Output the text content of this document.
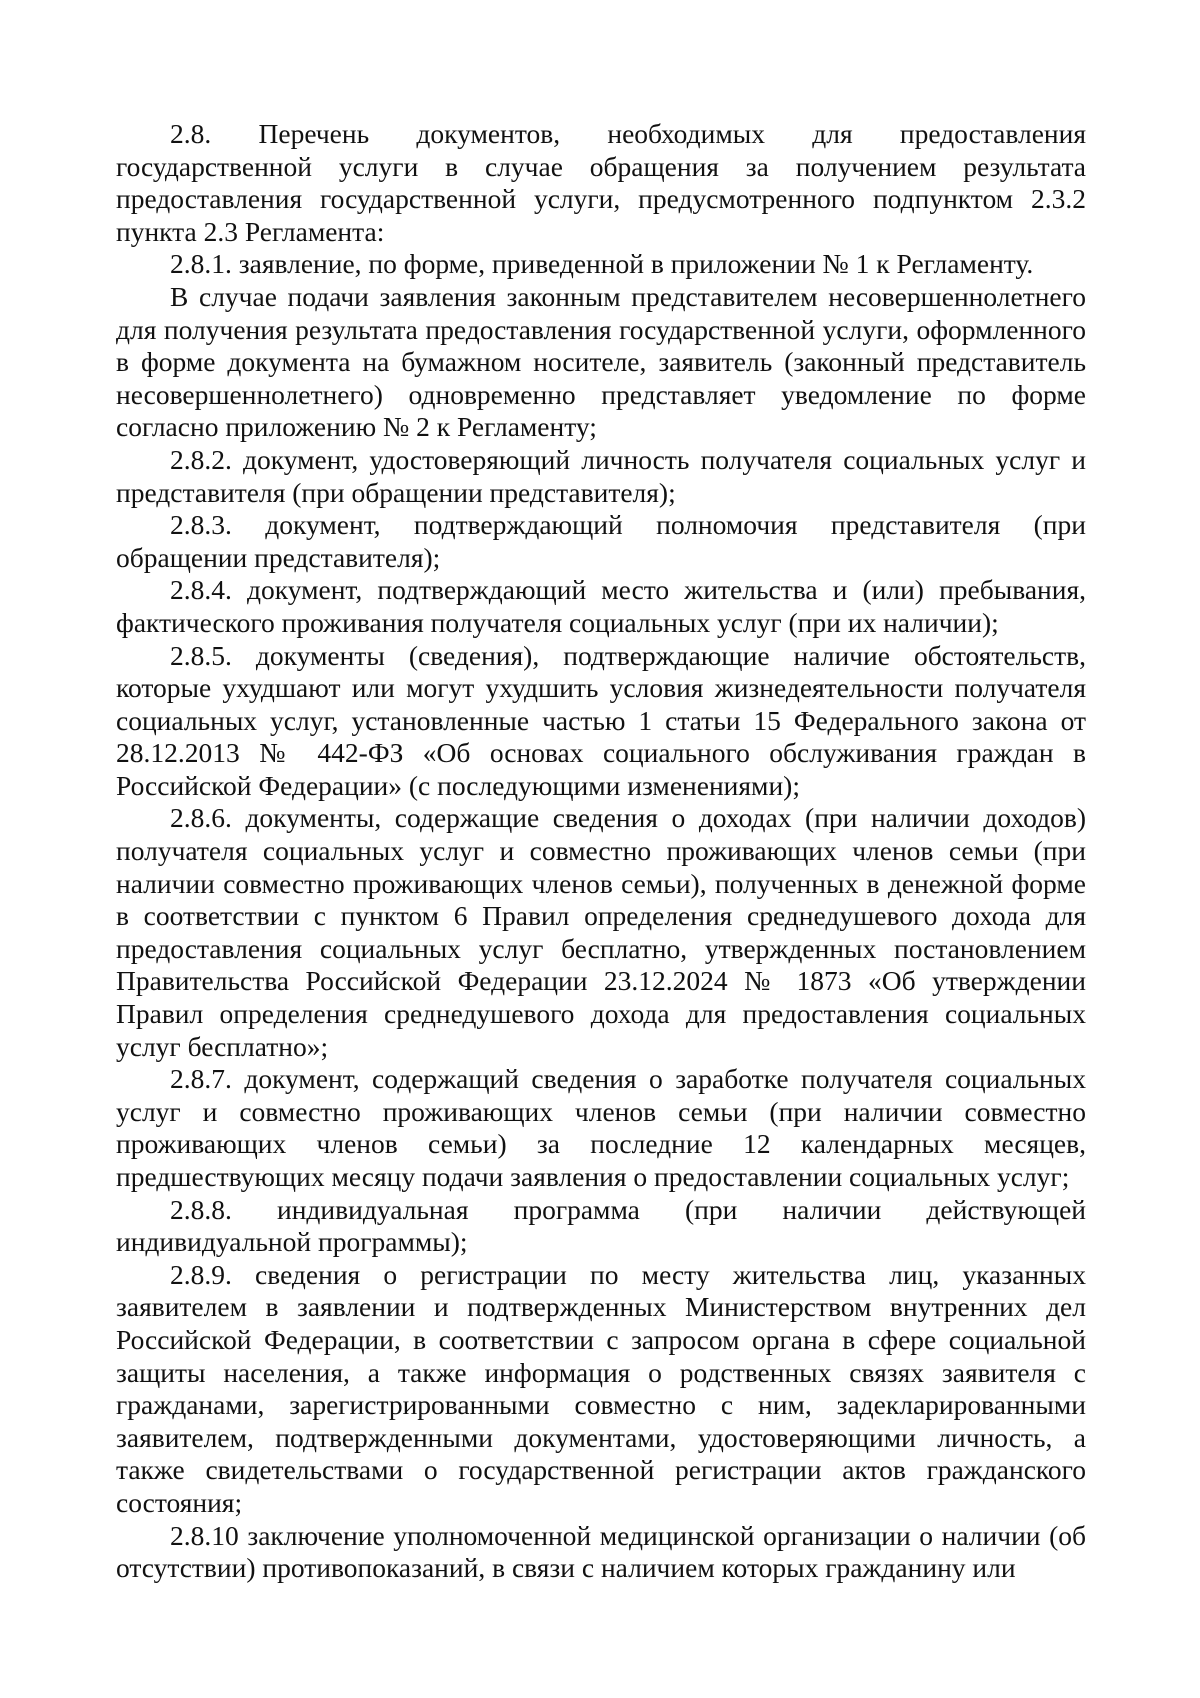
2.8. Перечень документов, необходимых для предоставления государственной услуги в случае обращения за получением результата предоставления государственной услуги, предусмотренного подпунктом 2.3.2 пункта 2.3 Регламента:

2.8.1. заявление, по форме, приведенной в приложении № 1 к Регламенту.

В случае подачи заявления законным представителем несовершеннолетнего для получения результата предоставления государственной услуги, оформленного в форме документа на бумажном носителе, заявитель (законный представитель несовершеннолетнего) одновременно представляет уведомление по форме согласно приложению № 2 к Регламенту;

2.8.2. документ, удостоверяющий личность получателя социальных услуг и представителя (при обращении представителя);

2.8.3. документ, подтверждающий полномочия представителя (при обращении представителя);

2.8.4. документ, подтверждающий место жительства и (или) пребывания, фактического проживания получателя социальных услуг (при их наличии);

2.8.5. документы (сведения), подтверждающие наличие обстоятельств, которые ухудшают или могут ухудшить условия жизнедеятельности получателя социальных услуг, установленные частью 1 статьи 15 Федерального закона от 28.12.2013 № 442-ФЗ «Об основах социального обслуживания граждан в Российской Федерации» (с последующими изменениями);

2.8.6. документы, содержащие сведения о доходах (при наличии доходов) получателя социальных услуг и совместно проживающих членов семьи (при наличии совместно проживающих членов семьи), полученных в денежной форме в соответствии с пунктом 6 Правил определения среднедушевого дохода для предоставления социальных услуг бесплатно, утвержденных постановлением Правительства Российской Федерации 23.12.2024 № 1873 «Об утверждении Правил определения среднедушевого дохода для предоставления социальных услуг бесплатно»;

2.8.7. документ, содержащий сведения о заработке получателя социальных услуг и совместно проживающих членов семьи (при наличии совместно проживающих членов семьи) за последние 12 календарных месяцев, предшествующих месяцу подачи заявления о предоставлении социальных услуг;

2.8.8. индивидуальная программа (при наличии действующей индивидуальной программы);

2.8.9. сведения о регистрации по месту жительства лиц, указанных заявителем в заявлении и подтвержденных Министерством внутренних дел Российской Федерации, в соответствии с запросом органа в сфере социальной защиты населения, а также информация о родственных связях заявителя с гражданами, зарегистрированными совместно с ним, задекларированными заявителем, подтвержденными документами, удостоверяющими личность, а также свидетельствами о государственной регистрации актов гражданского состояния;

2.8.10 заключение уполномоченной медицинской организации о наличии (об отсутствии) противопоказаний, в связи с наличием которых гражданину или
